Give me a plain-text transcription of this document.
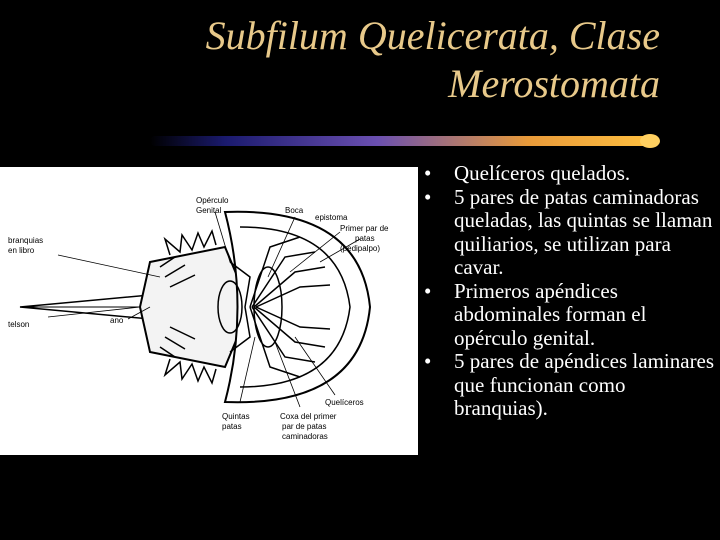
Subfilum Quelicerata, Clase
Merostomata
Opérculo
Genital	Boca
epistoma
Primer par de
patas
(pedipalpo)
branquias
en libro
telson	ano
Quintas
patas
Coxa del primer
par de patas
caminadoras
Quelíceros
• Quelíceros quelados.
• 5 pares de patas caminadoras queladas, las quintas se llaman quiliarios, se utilizan para cavar.
• Primeros apéndices abdominales forman el opérculo genital.
• 5 pares de apéndices laminares que funcionan como branquias).
